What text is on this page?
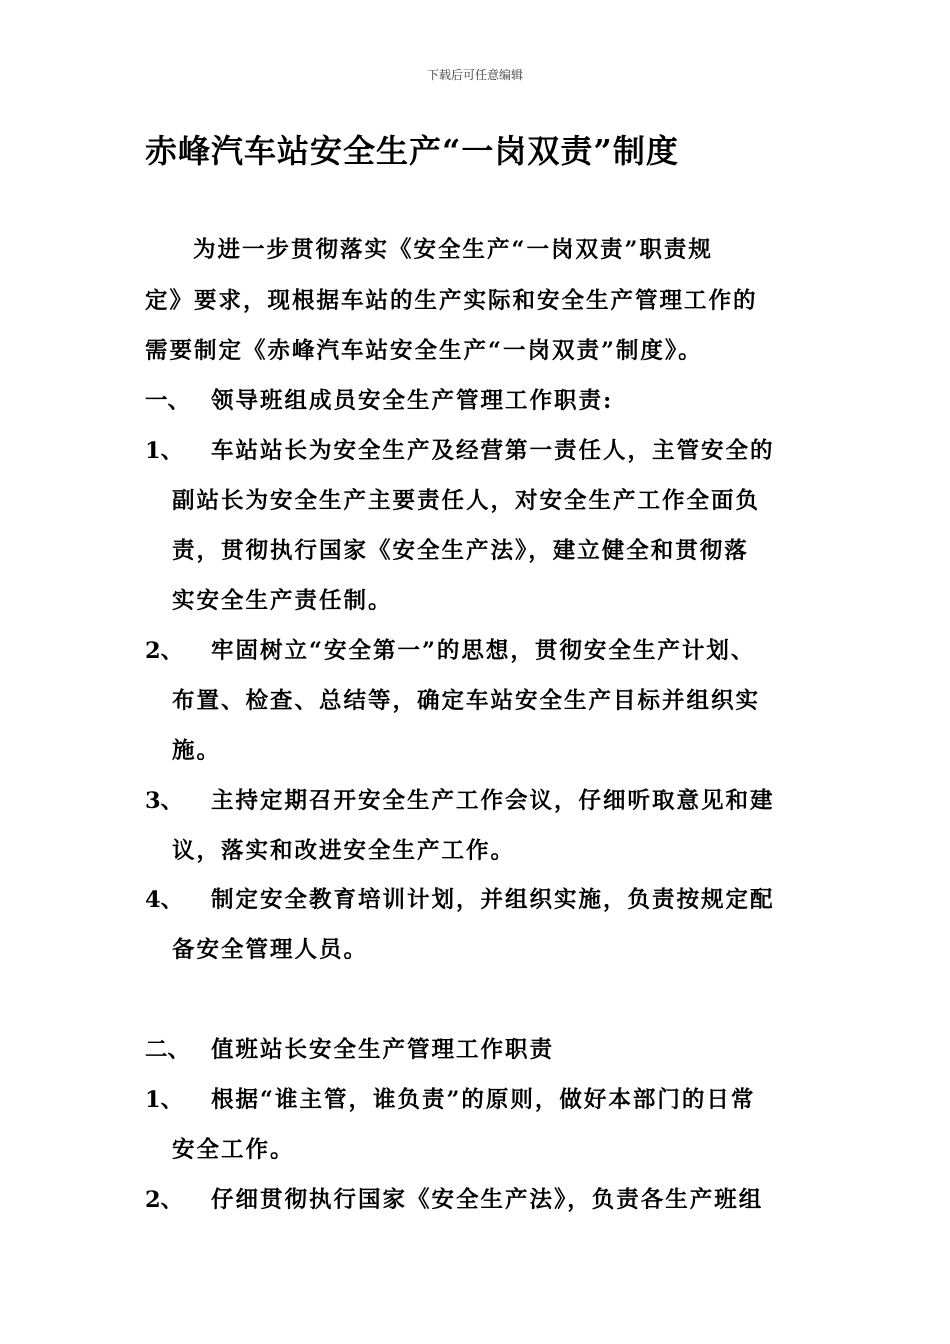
下载后可任意编辑
赤峰汽车站安全生产“一岗双责”制度
为进一步贯彻落实《安全生产“一岗双责”职责规
定》要求，现根据车站的生产实际和安全生产管理工作的
需要制定《赤峰汽车站安全生产“一岗双责”制度》。
一、 领导班组成员安全生产管理工作职责:
1、 车站站长为安全生产及经营第一责任人，主管安全的
副站长为安全生产主要责任人，对安全生产工作全面负
责，贯彻执行国家《安全生产法》，建立健全和贯彻落
实安全生产责任制。
2、 牢固树立“安全第一”的思想，贯彻安全生产计划、
布置、检查、总结等，确定车站安全生产目标并组织实
施。
3、 主持定期召开安全生产工作会议，仔细听取意见和建
议，落实和改进安全生产工作。
4、 制定安全教育培训计划，并组织实施，负责按规定配
备安全管理人员。
二、 值班站长安全生产管理工作职责
1、 根据“谁主管，谁负责”的原则，做好本部门的日常
安全工作。
2、 仔细贯彻执行国家《安全生产法》，负责各生产班组
